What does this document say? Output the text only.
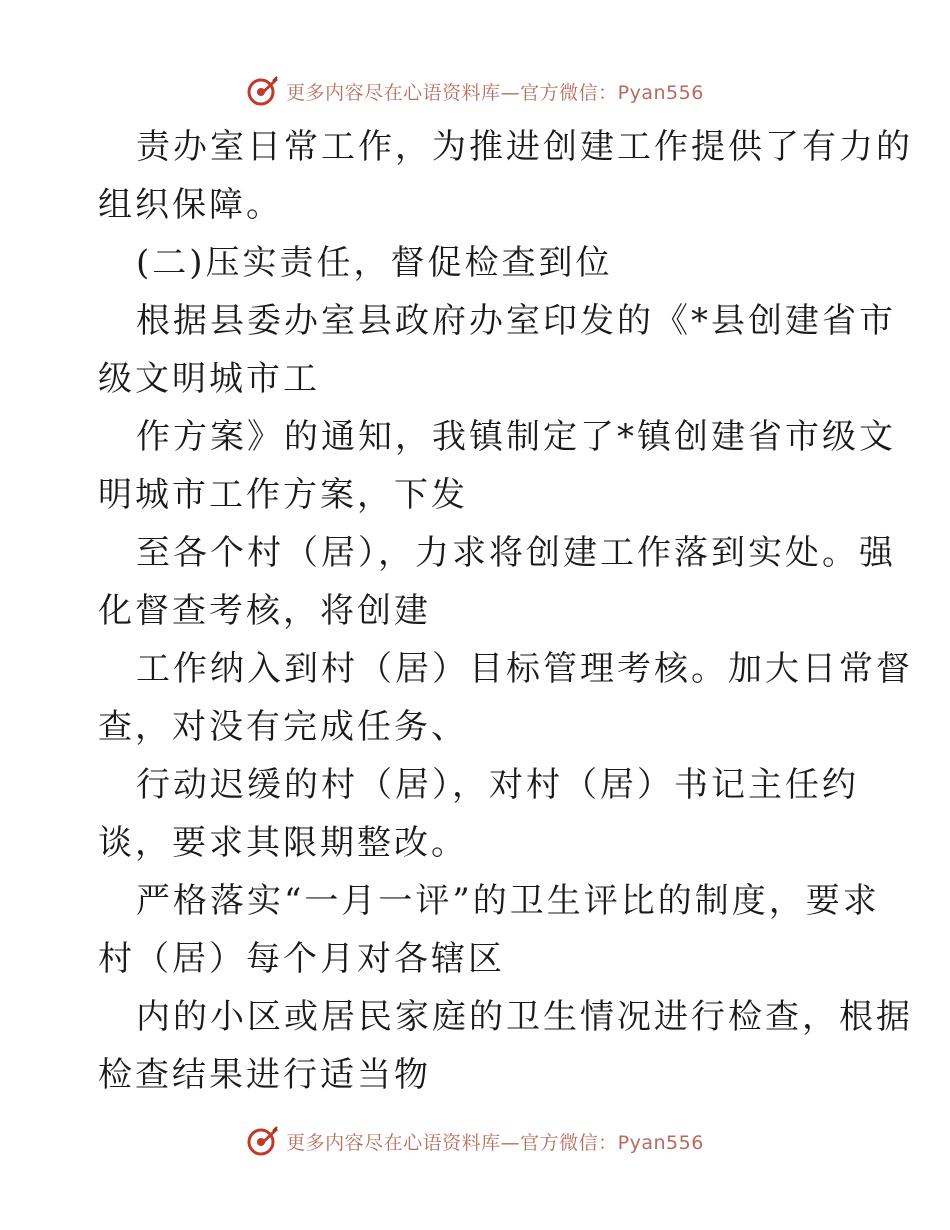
更多内容尽在心语资料库—官方微信：Pyan556
责办室日常工作，为推进创建工作提供了有力的
组织保障。
(二)压实责任，督促检查到位
根据县委办室县政府办室印发的《*县创建省市
级文明城市工
作方案》的通知，我镇制定了*镇创建省市级文
明城市工作方案，下发
至各个村（居），力求将创建工作落到实处。强
化督查考核，将创建
工作纳入到村（居）目标管理考核。加大日常督
查，对没有完成任务、
行动迟缓的村（居），对村（居）书记主任约
谈，要求其限期整改。
严格落实“一月一评”的卫生评比的制度，要求
村（居）每个月对各辖区
内的小区或居民家庭的卫生情况进行检查，根据
检查结果进行适当物
更多内容尽在心语资料库—官方微信：Pyan556
